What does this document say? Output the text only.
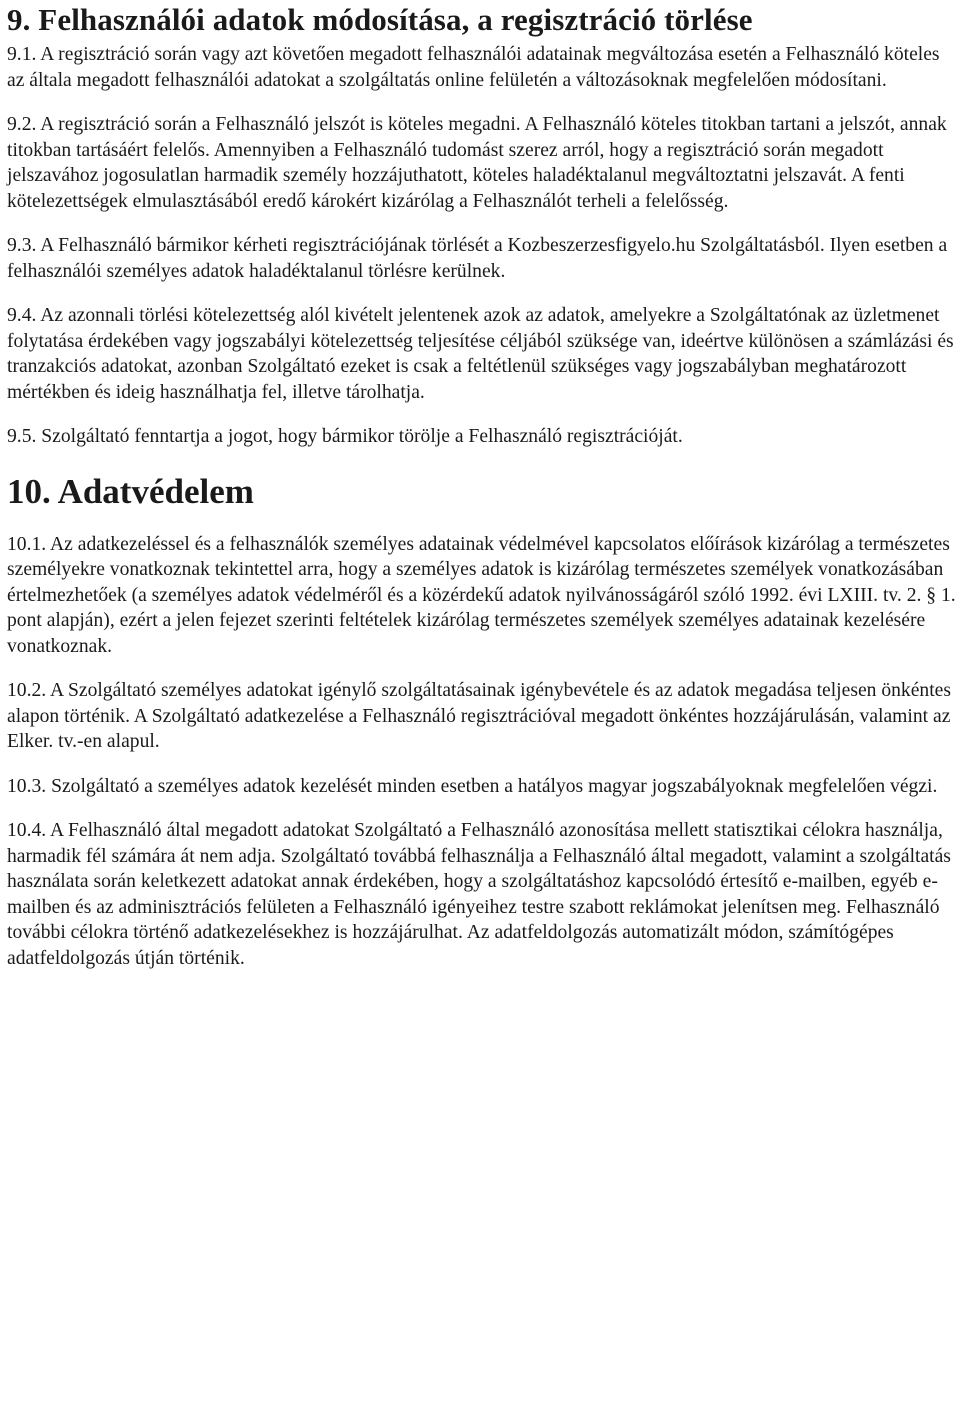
9. Felhasználói adatok módosítása, a regisztráció törlése

9.1. A regisztráció során vagy azt követően megadott felhasználói adatainak megváltozása esetén a Felhasználó köteles az általa megadott felhasználói adatokat a szolgáltatás online felületén a változásoknak megfelelően módosítani.

9.2. A regisztráció során a Felhasználó jelszót is köteles megadni. A Felhasználó köteles titokban tartani a jelszót, annak titokban tartásáért felelős. Amennyiben a Felhasználó tudomást szerez arról, hogy a regisztráció során megadott jelszavához jogosulatlan harmadik személy hozzájuthatott, köteles haladéktalanul megváltoztatni jelszavát. A fenti kötelezettségek elmulasztásából eredő károkért kizárólag a Felhasználót terheli a felelősség.

9.3. A Felhasználó bármikor kérheti regisztrációjának törlését a Kozbeszerzesfigyelo.hu Szolgáltatásból. Ilyen esetben a felhasználói személyes adatok haladéktalanul törlésre kerülnek.

9.4. Az azonnali törlési kötelezettség alól kivételt jelentenek azok az adatok, amelyekre a Szolgáltatónak az üzletmenet folytatása érdekében vagy jogszabályi kötelezettség teljesítése céljából szüksége van, ideértve különösen a számlázási és tranzakciós adatokat, azonban Szolgáltató ezeket is csak a feltétlenül szükséges vagy jogszabályban meghatározott mértékben és ideig használhatja fel, illetve tárolhatja.

9.5. Szolgáltató fenntartja a jogot, hogy bármikor törölje a Felhasználó regisztrációját.

10. Adatvédelem

10.1. Az adatkezeléssel és a felhasználók személyes adatainak védelmével kapcsolatos előírások kizárólag a természetes személyekre vonatkoznak tekintettel arra, hogy a személyes adatok is kizárólag természetes személyek vonatkozásában értelmezhetőek (a személyes adatok védelméről és a közérdekű adatok nyilvánosságáról szóló 1992. évi LXIII. tv. 2. § 1. pont alapján), ezért a jelen fejezet szerinti feltételek kizárólag természetes személyek személyes adatainak kezelésére vonatkoznak.

10.2. A Szolgáltató személyes adatokat igénylő szolgáltatásainak igénybevétele és az adatok megadása teljesen önkéntes alapon történik. A Szolgáltató adatkezelése a Felhasználó regisztrációval megadott önkéntes hozzájárulásán, valamint az Elker. tv.-en alapul.

10.3. Szolgáltató a személyes adatok kezelését minden esetben a hatályos magyar jogszabályoknak megfelelően végzi.

10.4. A Felhasználó által megadott adatokat Szolgáltató a Felhasználó azonosítása mellett statisztikai célokra használja, harmadik fél számára át nem adja. Szolgáltató továbbá felhasználja a Felhasználó által megadott, valamint a szolgáltatás használata során keletkezett adatokat annak érdekében, hogy a szolgáltatáshoz kapcsolódó értesítő e-mailben, egyéb e-mailben és az adminisztrációs felületen a Felhasználó igényeihez testre szabott reklámokat jelenítsen meg. Felhasználó további célokra történő adatkezelésekhez is hozzájárulhat. Az adatfeldolgozás automatizált módon, számítógépes adatfeldolgozás útján történik.
